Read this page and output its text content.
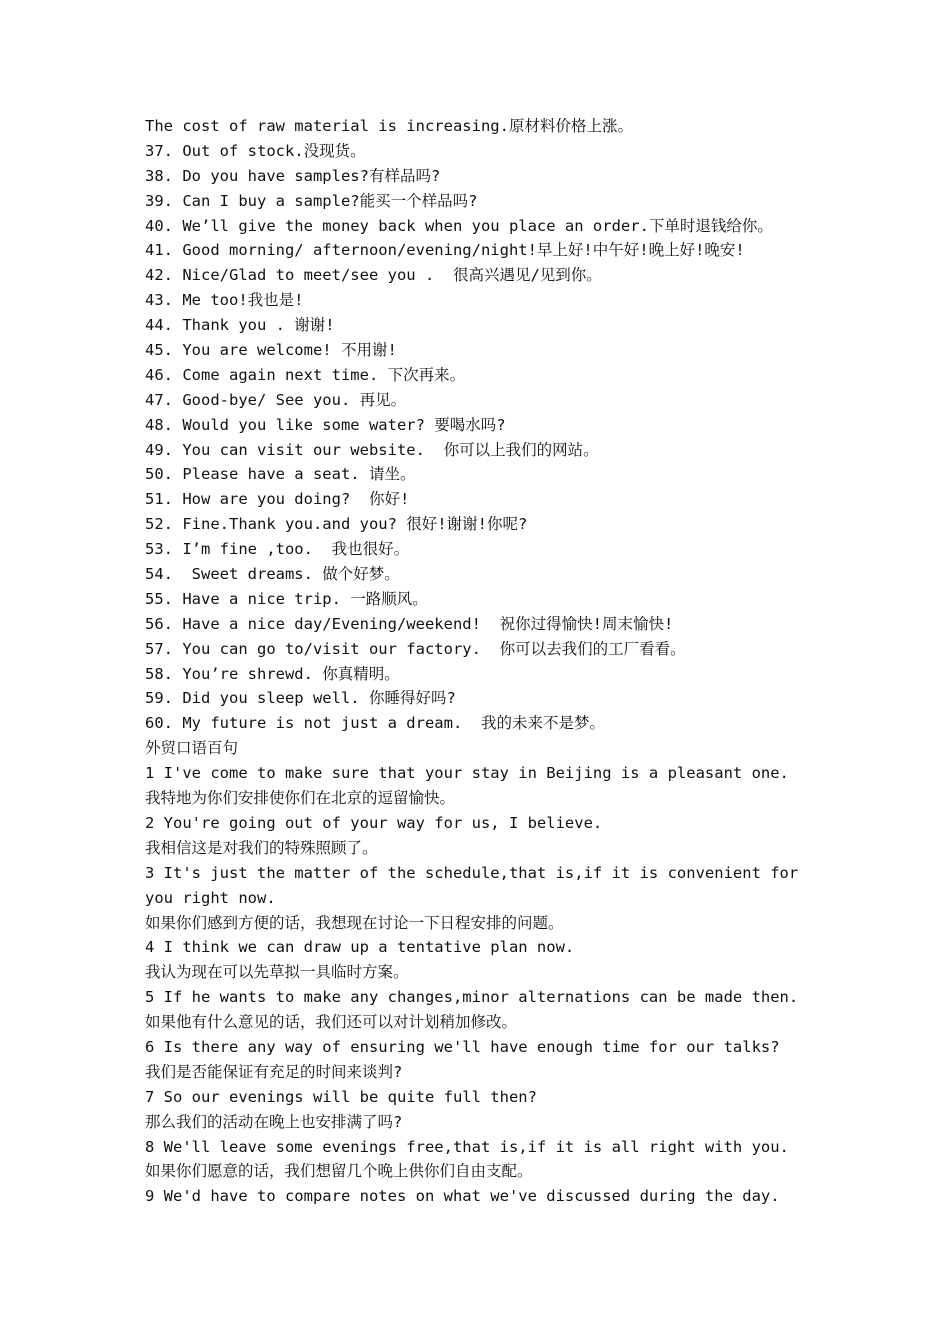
The cost of raw material is increasing.原材料价格上涨。
37. Out of stock.没现货。
38. Do you have samples?有样品吗?
39. Can I buy a sample?能买一个样品吗?
40. We’ll give the money back when you place an order.下单时退钱给你。
41. Good morning/ afternoon/evening/night!早上好!中午好!晚上好!晚安!
42. Nice/Glad to meet/see you .  很高兴遇见/见到你。
43. Me too!我也是!
44. Thank you . 谢谢!
45. You are welcome! 不用谢!
46. Come again next time. 下次再来。
47. Good-bye/ See you. 再见。
48. Would you like some water? 要喝水吗?
49. You can visit our website.  你可以上我们的网站。
50. Please have a seat. 请坐。
51. How are you doing?  你好!
52. Fine.Thank you.and you? 很好!谢谢!你呢?
53. I’m fine ,too.  我也很好。
54.  Sweet dreams. 做个好梦。
55. Have a nice trip. 一路顺风。
56. Have a nice day/Evening/weekend!  祝你过得愉快!周末愉快!
57. You can go to/visit our factory.  你可以去我们的工厂看看。
58. You’re shrewd. 你真精明。
59. Did you sleep well. 你睡得好吗?
60. My future is not just a dream.  我的未来不是梦。
外贸口语百句
1 I've come to make sure that your stay in Beijing is a pleasant one.
我特地为你们安排使你们在北京的逗留愉快。
2 You're going out of your way for us, I believe.
我相信这是对我们的特殊照顾了。
3 It's just the matter of the schedule,that is,if it is convenient for
you right now.
如果你们感到方便的话，我想现在讨论一下日程安排的问题。
4 I think we can draw up a tentative plan now.
我认为现在可以先草拟一具临时方案。
5 If he wants to make any changes,minor alternations can be made then.
如果他有什么意见的话，我们还可以对计划稍加修改。
6 Is there any way of ensuring we'll have enough time for our talks?
我们是否能保证有充足的时间来谈判?
7 So our evenings will be quite full then?
那么我们的活动在晚上也安排满了吗?
8 We'll leave some evenings free,that is,if it is all right with you.
如果你们愿意的话，我们想留几个晚上供你们自由支配。
9 We'd have to compare notes on what we've discussed during the day.
